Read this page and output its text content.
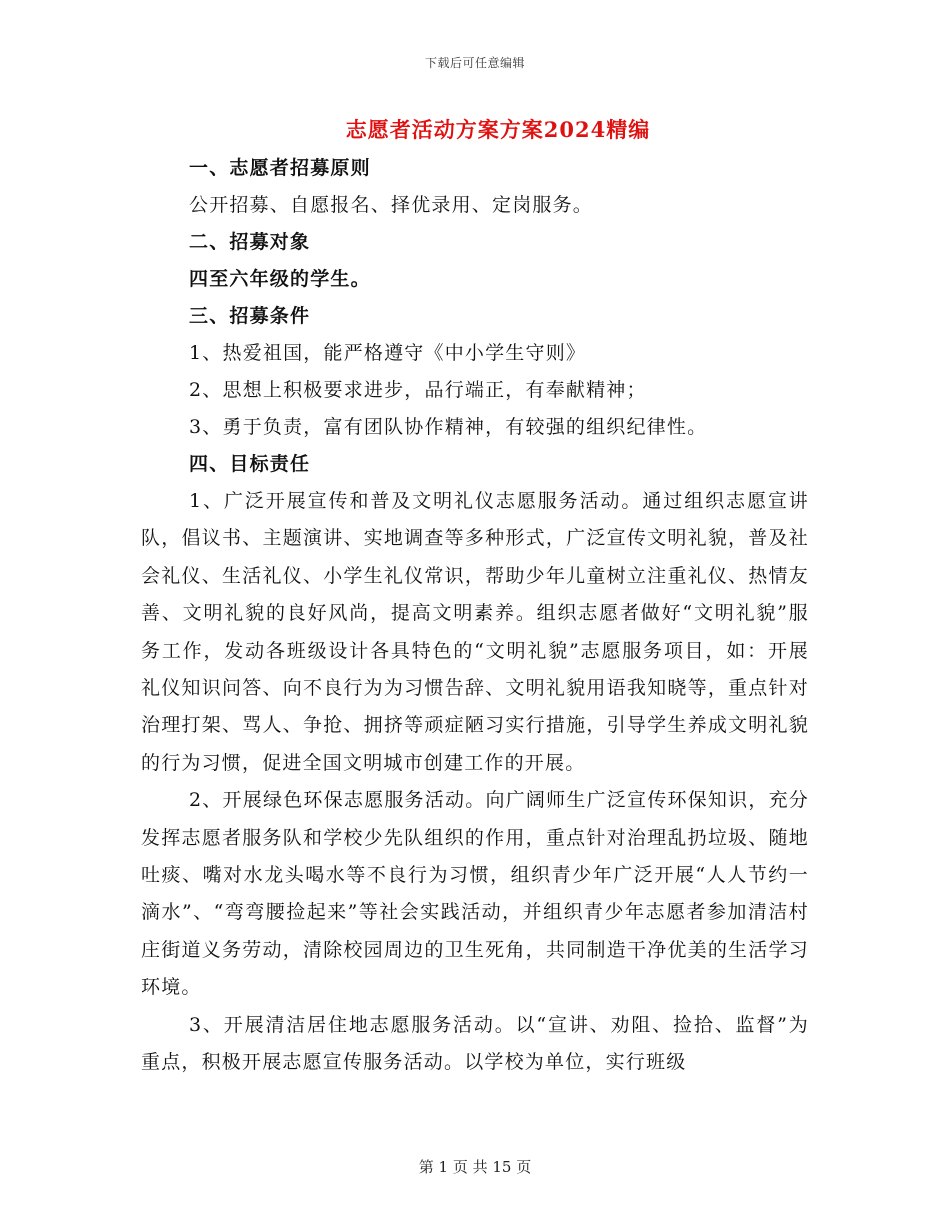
下载后可任意编辑
志愿者活动方案方案2024精编
一、志愿者招募原则
公开招募、自愿报名、择优录用、定岗服务。
二、招募对象
四至六年级的学生。
三、招募条件
1、热爱祖国，能严格遵守《中小学生守则》
2、思想上积极要求进步，品行端正，有奉献精神；
3、勇于负责，富有团队协作精神，有较强的组织纪律性。
四、目标责任

1、广泛开展宣传和普及文明礼仪志愿服务活动。通过组织志愿宣讲队，倡议书、主题演讲、实地调查等多种形式，广泛宣传文明礼貌，普及社会礼仪、生活礼仪、小学生礼仪常识，帮助少年儿童树立注重礼仪、热情友善、文明礼貌的良好风尚，提高文明素养。组织志愿者做好“文明礼貌”服务工作，发动各班级设计各具特色的“文明礼貌”志愿服务项目，如：开展礼仪知识问答、向不良行为为习惯告辞、文明礼貌用语我知晓等，重点针对治理打架、骂人、争抢、拥挤等顽症陋习实行措施，引导学生养成文明礼貌的行为习惯，促进全国文明城市创建工作的开展。

2、开展绿色环保志愿服务活动。向广阔师生广泛宣传环保知识，充分发挥志愿者服务队和学校少先队组织的作用，重点针对治理乱扔垃圾、随地吐痰、嘴对水龙头喝水等不良行为习惯，组织青少年广泛开展“人人节约一滴水”、“弯弯腰捡起来”等社会实践活动，并组织青少年志愿者参加清洁村庄街道义务劳动，清除校园周边的卫生死角，共同制造干净优美的生活学习环境。

3、开展清洁居住地志愿服务活动。以“宣讲、劝阻、捡拾、监督”为重点，积极开展志愿宣传服务活动。以学校为单位，实行班级

第 1 页 共 15 页
